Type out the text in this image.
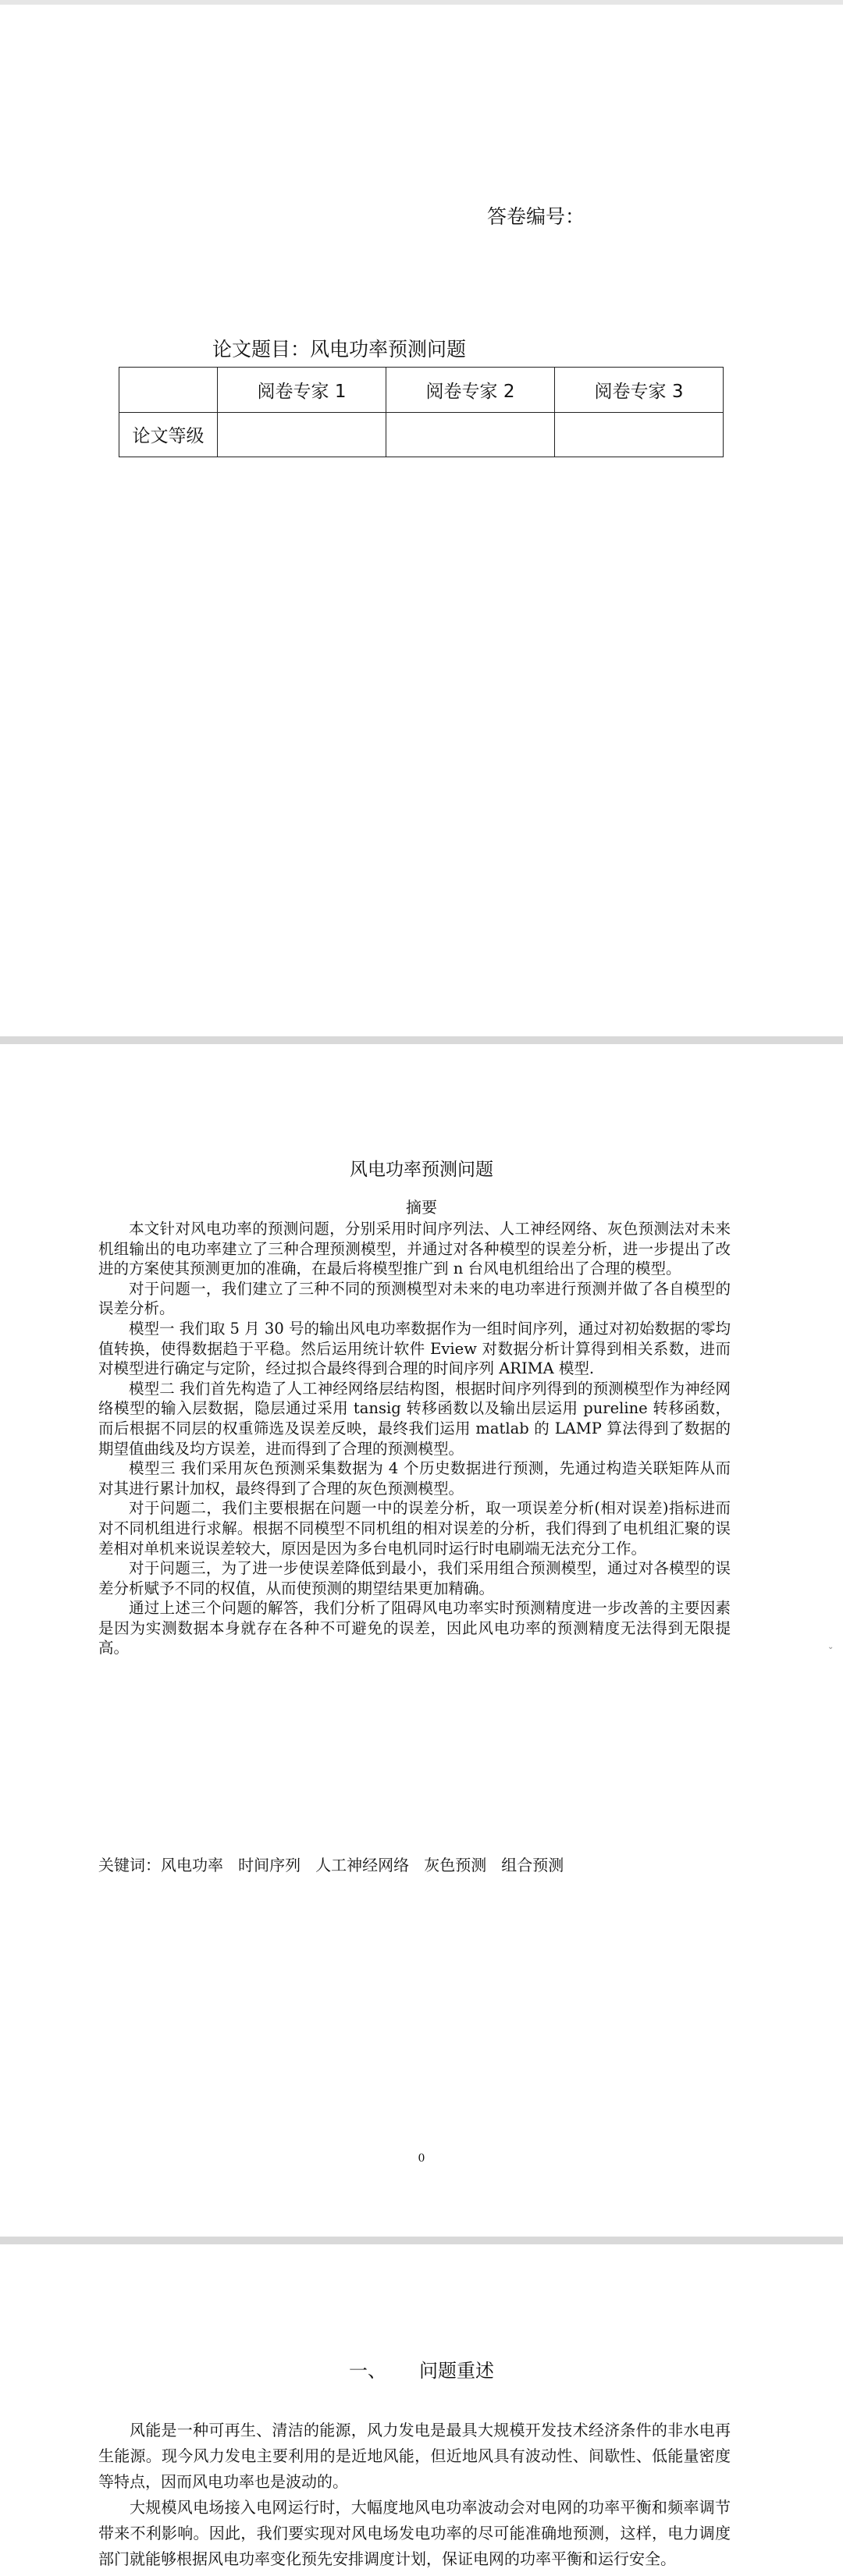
答卷编号：
论文题目：风电功率预测问题
	阅卷专家 1	阅卷专家 2	阅卷专家 3
论文等级			
风电功率预测问题
摘要

本文针对风电功率的预测问题，分别采用时间序列法、人工神经网络、灰色预测法对未来机组输出的电功率建立了三种合理预测模型，并通过对各种模型的误差分析，进一步提出了改进的方案使其预测更加的准确，在最后将模型推广到 n 台风电机组给出了合理的模型。

对于问题一，我们建立了三种不同的预测模型对未来的电功率进行预测并做了各自模型的误差分析。

模型一 我们取 5 月 30 号的输出风电功率数据作为一组时间序列，通过对初始数据的零均值转换，使得数据趋于平稳。然后运用统计软件 Eview 对数据分析计算得到相关系数，进而对模型进行确定与定阶，经过拟合最终得到合理的时间序列 ARIMA 模型.

模型二 我们首先构造了人工神经网络层结构图，根据时间序列得到的预测模型作为神经网络模型的输入层数据，隐层通过采用 tansig 转移函数以及输出层运用 pureline 转移函数，而后根据不同层的权重筛选及误差反映，最终我们运用 matlab 的 LAMP 算法得到了数据的期望值曲线及均方误差，进而得到了合理的预测模型。

模型三 我们采用灰色预测采集数据为 4 个历史数据进行预测，先通过构造关联矩阵从而对其进行累计加权，最终得到了合理的灰色预测模型。

对于问题二，我们主要根据在问题一中的误差分析，取一项误差分析(相对误差)指标进而对不同机组进行求解。根据不同模型不同机组的相对误差的分析，我们得到了电机组汇聚的误差相对单机来说误差较大，原因是因为多台电机同时运行时电刷端无法充分工作。

对于问题三，为了进一步使误差降低到最小，我们采用组合预测模型，通过对各模型的误差分析赋予不同的权值，从而使预测的期望结果更加精确。

通过上述三个问题的解答，我们分析了阻碍风电功率实时预测精度进一步改善的主要因素是因为实测数据本身就存在各种不可避免的误差，因此风电功率的预测精度无法得到无限提高。	⌄
关键词：风电功率   时间序列   人工神经网络   灰色预测   组合预测
0
一、 问题重述

风能是一种可再生、清洁的能源，风力发电是最具大规模开发技术经济条件的非水电再生能源。现今风力发电主要利用的是近地风能，但近地风具有波动性、间歇性、低能量密度等特点，因而风电功率也是波动的。

大规模风电场接入电网运行时，大幅度地风电功率波动会对电网的功率平衡和频率调节带来不利影响。因此，我们要实现对风电场发电功率的尽可能准确地预测，这样，电力调度部门就能够根据风电功率变化预先安排调度计划，保证电网的功率平衡和运行安全。
